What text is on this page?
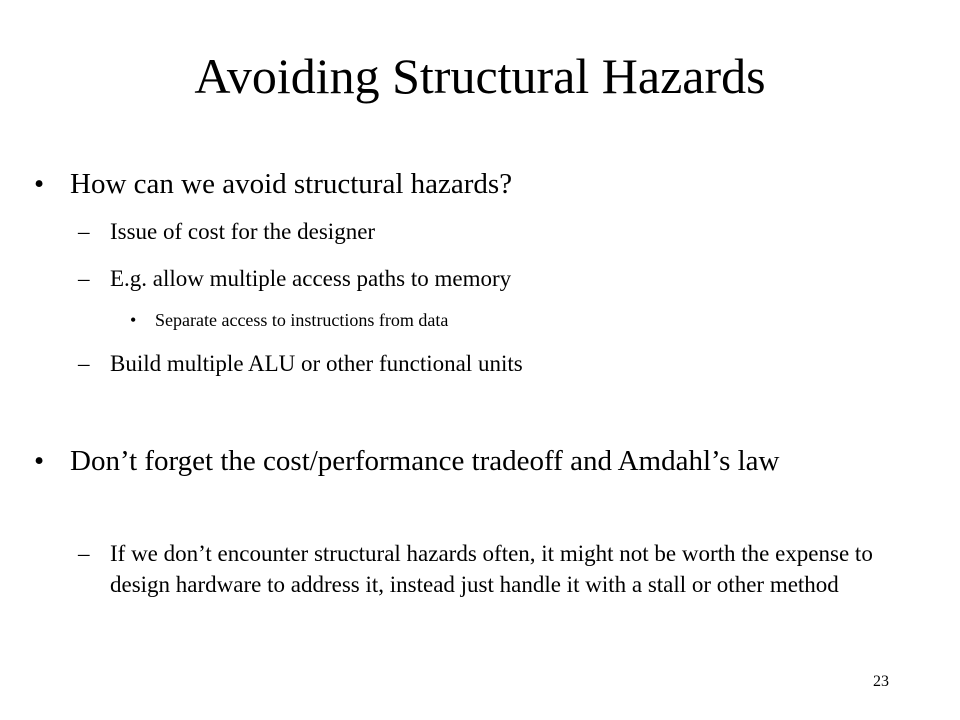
Avoiding Structural Hazards
• How can we avoid structural hazards?

– Issue of cost for the designer

– E.g. allow multiple access paths to memory

• Separate access to instructions from data

– Build multiple ALU or other functional units

• Don’t forget the cost/performance tradeoff and Amdahl’s law

– If we don’t encounter structural hazards often, it might not be worth the expense to design hardware to address it, instead just handle it with a stall or other method

23
